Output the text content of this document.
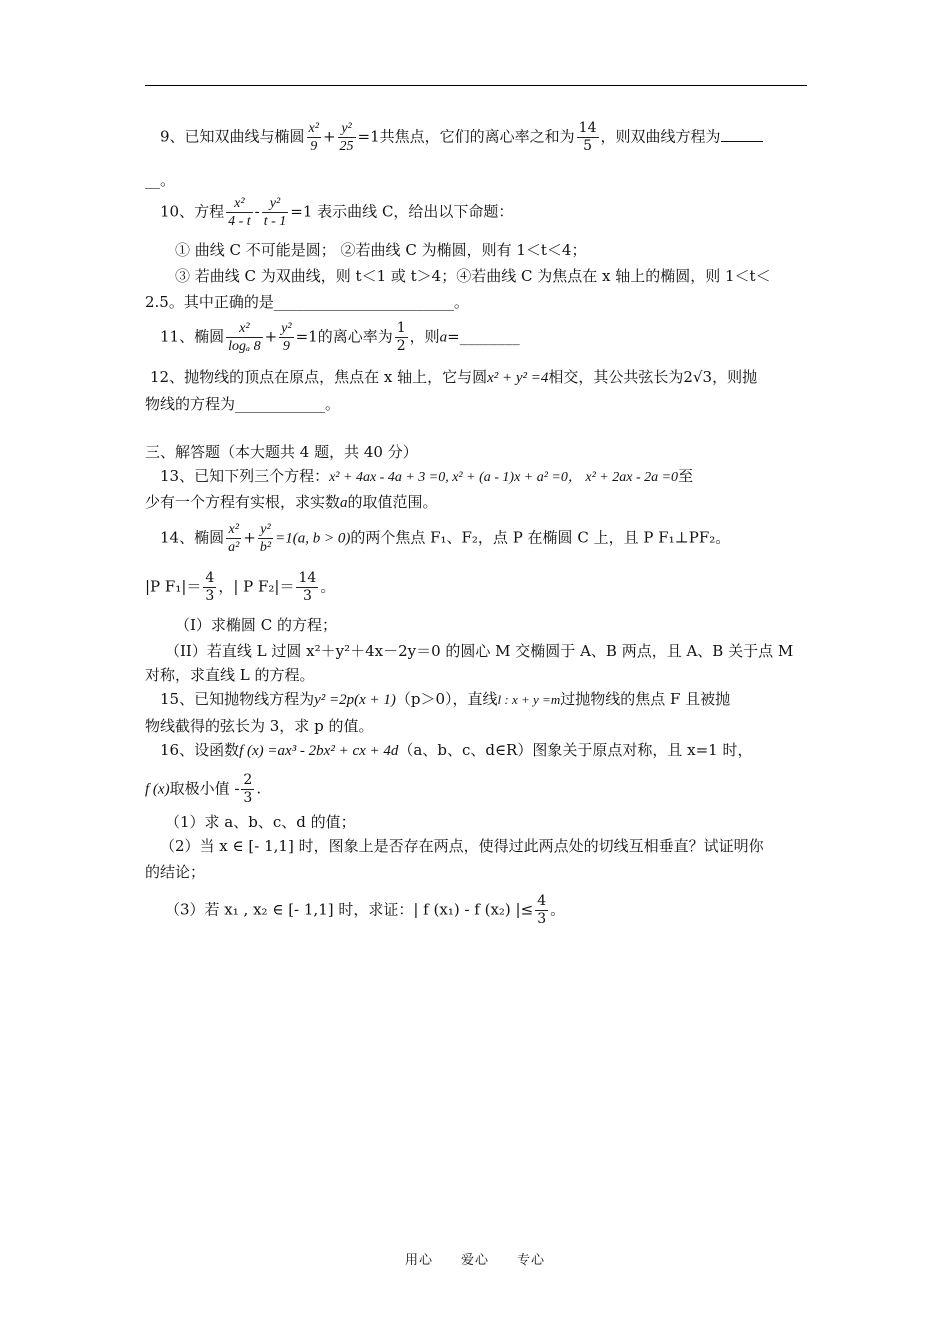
9、已知双曲线与椭圆 $\frac{\text{x²}}{9} + \frac{\text{y²}}{25} =1$共焦点，它们的离心率之和为 $\frac{14}{5}$ ，则双曲线方程为
__。
10、方程 $\frac{\text{x²}}{4 - t} - \frac{\text{y²}}{t - 1} =1$ 表示曲线 C，给出以下命题：
① 曲线 C 不可能是圆； ②若曲线 C 为椭圆，则有 1＜t＜4；
③ 若曲线 C 为双曲线，则 t＜1 或 t＞4；④若曲线 C 为焦点在 x 轴上的椭圆，则 1＜t＜
2.5。其中正确的是________________________。
11、椭圆 $\frac{\text{x²}}{\text{logₐ 8}} + \frac{\text{y²}}{9} =1$的离心率为 $\frac{1}{2}$ ，则a=________
12、抛物线的顶点在原点，焦点在 x 轴上，它与圆x² + y² =4相交，其公共弦长为2√3，则抛
物线的方程为____________。
三、解答题（本大题共 4 题，共 40 分）
13、已知下列三个方程：x² + 4ax - 4a + 3 =0, x² + (a - 1)x + a² =0， x² + 2ax - 2a =0至
少有一个方程有实根，求实数a的取值范围。
14、椭圆 $\frac{\text{x²}}{\text{a²}} + \frac{\text{y²}}{\text{b²}} =1(a$, b > 0)的两个焦点 F₁、F₂，点 P 在椭圆 C 上，且 P F₁⊥PF₂。
|P $F_1|= \frac{4}{3}$ ，| P $F_2|= \frac{14}{3}$ 。
（I）求椭圆 C 的方程；
（II）若直线 L 过圆 x²＋y²＋4x－2y＝0 的圆心 M 交椭圆于 A、B 两点，且 A、B 关于点 M
对称，求直线 L 的方程。
15、已知抛物线方程为y² =2p(x + 1)（p＞0），直线l : x + y =m过抛物线的焦点 F 且被抛
物线截得的弦长为 3，求 p 的值。
16、设函数f (x) =ax³ - 2bx² + cx + 4d（a、b、c、d∈R）图象关于原点对称，且 x=1 时，
f (x)取极小值 - $\frac{2}{3}$ .
（1）求 a、b、c、d 的值；
（2）当 x ∈ [- 1,1] 时，图象上是否存在两点，使得过此两点处的切线互相垂直？试证明你
的结论；
（3）若 x₁ , x₂ ∈ [- 1,1] 时，求证：| f (x₁) - f (x₂) |≤ $\frac{4}{3}$ 。
用心　　爱心　　专心
